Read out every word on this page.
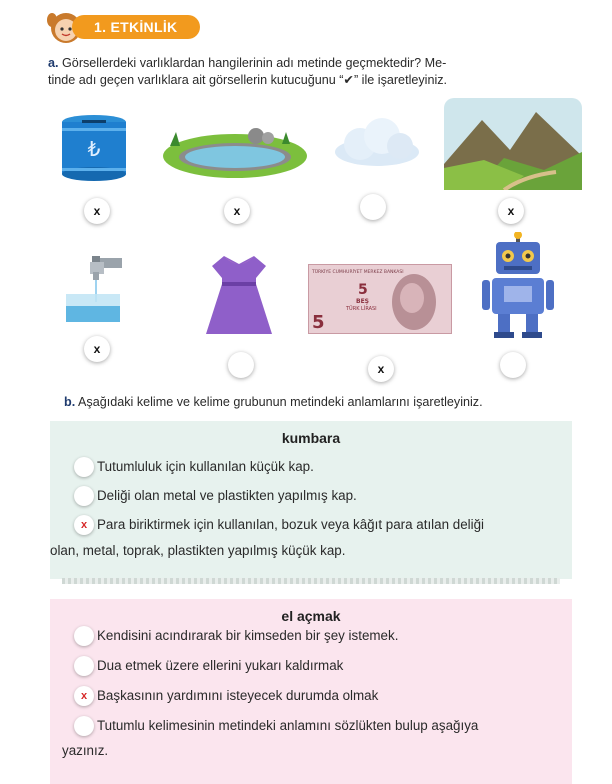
1. ETKİNLİK
a. Görsellerdeki varlıklardan hangilerinin adı metinde geçmektedir? Me-
tinde adı geçen varlıklara ait görsellerin kutucuğunu “✔” ile işaretleyiniz.
₺
x	x	x
x
TÜRKİYE CUMHURİYET MERKEZ BANKASI
5
BEŞ
TÜRK LİRASI
5
x
b. Aşağıdaki kelime ve kelime grubunun metindeki anlamlarını işaretleyiniz.
kumbara
Tutumluluk için kullanılan küçük kap.
Deliği olan metal ve plastikten yapılmış kap.
x Para biriktirmek için kullanılan, bozuk veya kâğıt para atılan deliği
olan, metal, toprak, plastikten yapılmış küçük kap.
el açmak
Kendisini acındırarak bir kimseden bir şey istemek.
Dua etmek üzere ellerini yukarı kaldırmak
x Başkasının yardımını isteyecek durumda olmak
Tutumlu kelimesinin metindeki anlamını sözlükten bulup aşağıya
yazınız.
